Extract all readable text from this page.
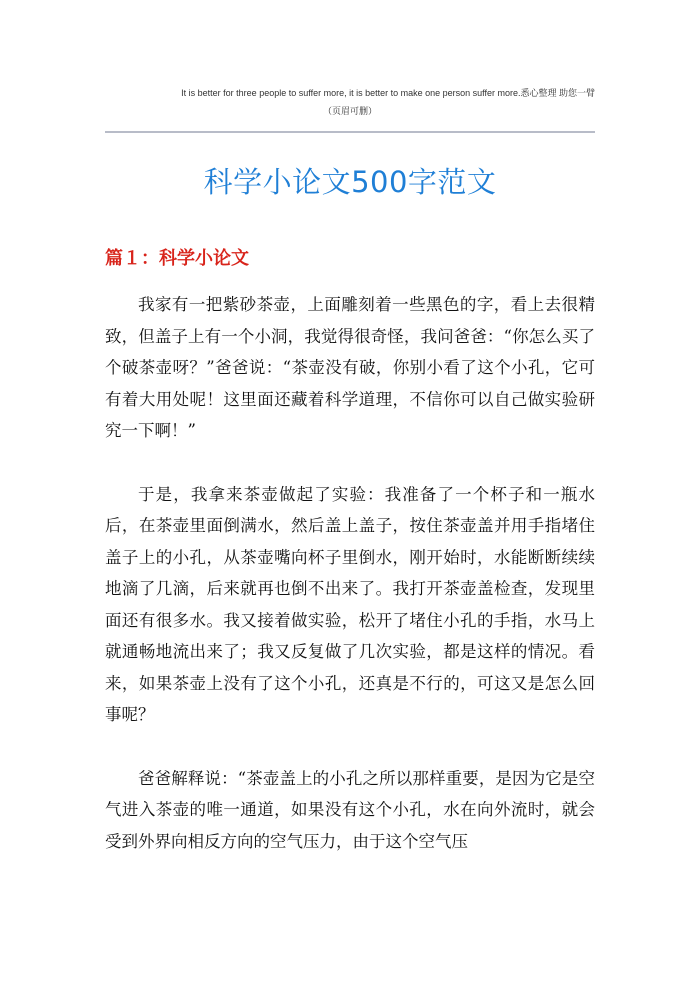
It is better for three people to suffer more, it is better to make one person suffer more.悉心整理 助您一臂
（页眉可删）
科学小论文500字范文
篇１：科学小论文

我家有一把紫砂茶壶，上面雕刻着一些黑色的字，看上去很精致，但盖子上有一个小洞，我觉得很奇怪，我问爸爸：“你怎么买了个破茶壶呀？”爸爸说：“茶壶没有破，你别小看了这个小孔，它可有着大用处呢！这里面还藏着科学道理，不信你可以自己做实验研究一下啊！”

于是，我拿来茶壶做起了实验：我准备了一个杯子和一瓶水后，在茶壶里面倒满水，然后盖上盖子，按住茶壶盖并用手指堵住盖子上的小孔，从茶壶嘴向杯子里倒水，刚开始时，水能断断续续地滴了几滴，后来就再也倒不出来了。我打开茶壶盖检查，发现里面还有很多水。我又接着做实验，松开了堵住小孔的手指，水马上就通畅地流出来了；我又反复做了几次实验，都是这样的情况。看来，如果茶壶上没有了这个小孔，还真是不行的，可这又是怎么回事呢？

爸爸解释说：“茶壶盖上的小孔之所以那样重要，是因为它是空气进入茶壶的唯一通道，如果没有这个小孔，水在向外流时，就会受到外界向相反方向的空气压力，由于这个空气压
